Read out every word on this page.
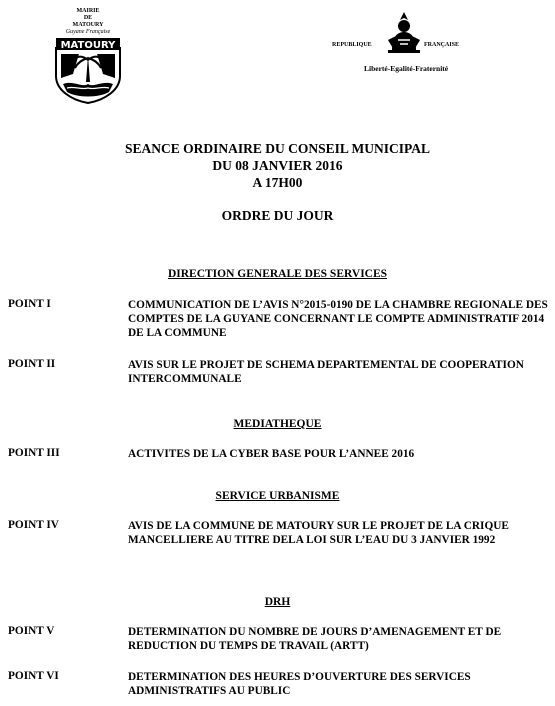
MAIRIE
DE
MATOURY
Guyane Française
MATOURY	REPUBLIQUE	FRANÇAISE
Liberté-Egalité-Fraternité
SEANCE ORDINAIRE DU CONSEIL MUNICIPAL
DU 08 JANVIER 2016
A 17H00
ORDRE DU JOUR
DIRECTION GENERALE DES SERVICES
POINT I	COMMUNICATION DE L’AVIS N°2015-0190 DE LA CHAMBRE REGIONALE DES COMPTES DE LA GUYANE CONCERNANT LE COMPTE ADMINISTRATIF 2014 DE LA COMMUNE
POINT II	AVIS SUR LE PROJET DE SCHEMA DEPARTEMENTAL DE COOPERATION INTERCOMMUNALE
MEDIATHEQUE
POINT III	ACTIVITES DE LA CYBER BASE POUR L’ANNEE 2016
SERVICE URBANISME
POINT IV	AVIS DE LA COMMUNE DE MATOURY SUR LE PROJET DE LA CRIQUE MANCELLIERE AU TITRE DELA LOI SUR L’EAU DU 3 JANVIER 1992
DRH
POINT V	DETERMINATION DU NOMBRE DE JOURS D’AMENAGEMENT ET DE REDUCTION DU TEMPS DE TRAVAIL (ARTT)
POINT VI	DETERMINATION DES HEURES D’OUVERTURE DES SERVICES ADMINISTRATIFS AU PUBLIC
